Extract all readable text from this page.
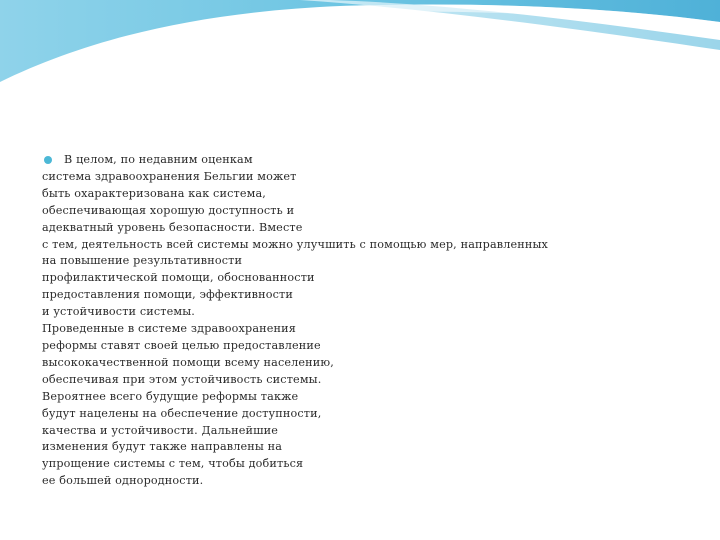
В целом, по недавним оценкам
система здравоохранения Бельгии может
быть охарактеризована как система,
обеспечивающая хорошую доступность и
адекватный уровень безопасности. Вместе
с тем, деятельность всей системы можно улучшить с помощью мер, направленных
на повышение результативности
профилактической помощи, обоснованности
предоставления помощи, эффективности
и устойчивости системы.
Проведенные в системе здравоохранения
реформы ставят своей целью предоставление
высококачественной помощи всему населению,
обеспечивая при этом устойчивость системы.
Вероятнее всего будущие реформы также
будут нацелены на обеспечение доступности,
качества и устойчивости. Дальнейшие
изменения будут также направлены на
упрощение системы с тем, чтобы добиться
ее большей однородности.
